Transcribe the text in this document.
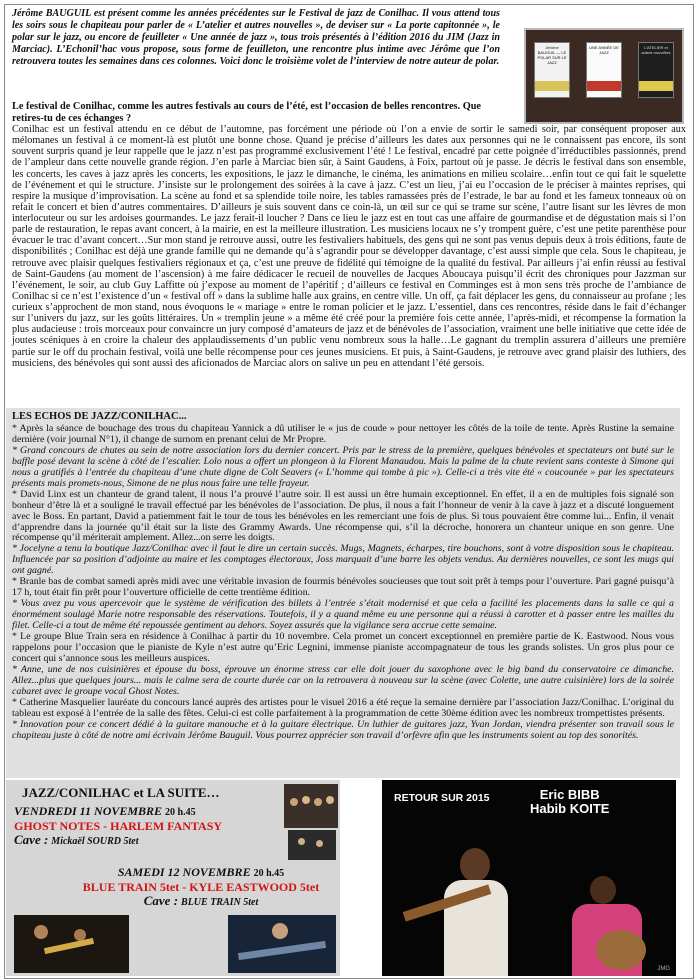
Jérôme BAUGUIL est présent comme les années précédentes sur le Festival de jazz de Conilhac. Il vous attend tous les soirs sous le chapiteau pour parler de « L’atelier et autres nouvelles », de deviser sur « La porte capitonnée », le polar sur le jazz, ou encore de feuilleter « Une année de jazz », tous trois présentés à l’édition 2016 du JIM (Jazz in Marciac). L’Echonil’hac vous propose, sous forme de feuilleton, une rencontre plus intime avec Jérôme que l’on retrouvera toutes les semaines dans ces colonnes. Voici donc le troisième volet de l’interview de notre auteur de polar.
Jérôme BAUGUIL — LE POLAR SUR LE JAZZ
UNE ANNÉE DE JAZZ
L’ATELIER et autres nouvelles
Le festival de Conilhac, comme les autres festivals au cours de l’été, est l’occasion de belles rencontres. Que retires-tu de ces échanges ?
Conilhac est un festival attendu en ce début de l’automne, pas forcément une période où l’on a envie de sortir le samedi soir, par conséquent proposer aux mélomanes un festival à ce moment-là est plutôt une bonne chose. Quand je précise d’ailleurs les dates aux personnes qui ne le connaissent pas encore, ils sont souvent surpris quand je leur rappelle que le jazz n’est pas programmé exclusivement l’été ! Le festival, encadré par cette poignée d’irréductibles passionnés, prend de l’ampleur dans cette nouvelle grande région. J’en parle à Marciac bien sûr, à Saint Gaudens, à Foix, partout où je passe. Je décris le festival dans son ensemble, les concerts, les caves à jazz après les concerts, les expositions, le jazz le dimanche, le cinéma, les animations en milieu scolaire…enfin tout ce qui fait le squelette de l’événement et qui le structure. J’insiste sur le prolongement des soirées à la cave à jazz. C’est un lieu, j’ai eu l’occasion de le préciser à maintes reprises, qui respire la musique d’improvisation. La scène au fond et sa splendide toile noire, les tables ramassées près de l’estrade, le bar au fond et les fameux tonneaux où on refait le concert et bien d’autres commentaires. D’ailleurs je suis souvent dans ce coin-là, un œil sur ce qui se trame sur scène, l’autre lisant sur les lèvres de mon interlocuteur ou sur les ardoises gourmandes. Le jazz ferait-il loucher ? Dans ce lieu le jazz est en tout cas une affaire de gourmandise et de dégustation mais si l’on parle de restauration, le repas avant concert, à la mairie, en est la meilleure illustration. Les musiciens locaux ne s’y trompent guère, c’est une petite parenthèse pour évacuer le trac d’avant concert…Sur mon stand je retrouve aussi, outre les festivaliers habituels, des gens qui ne sont pas venus depuis deux à trois éditions, faute de disponibilités ; Conilhac est déjà une grande famille qui ne demande qu’à s’agrandir pour se développer davantage, c’est aussi simple que cela. Sous le chapiteau, je retrouve avec plaisir quelques festivaliers régionaux et ça, c’est une preuve de fidélité qui témoigne de la qualité du festival. Par ailleurs j’ai enfin réussi au festival de Saint-Gaudens (au moment de l’ascension) à me faire dédicacer le recueil de nouvelles de Jacques Aboucaya puisqu’il écrit des chroniques pour Jazzman sur l’événement, le soir, au club Guy Laffitte où j’expose au moment de l’apéritif ; d’ailleurs ce festival en Comminges est à mon sens très proche de l’ambiance de Conilhac si ce n’est l’existence d’un « festival off » dans la sublime halle aux grains, en centre ville. Un off, ça fait déplacer les gens, du connaisseur au profane ; les curieux s’approchent de mon stand, nous évoquons le « mariage » entre le roman policier et le jazz. L’essentiel, dans ces rencontres, réside dans le fait d’échanger sur l’univers du jazz, sur les goûts littéraires. Un « tremplin jeune » a même été créé pour la première fois cette année, l’après-midi, et récompense la formation la plus audacieuse : trois morceaux pour convaincre un jury composé d’amateurs de jazz et de bénévoles de l’association, vraiment une belle initiative que cette idée de joutes scéniques à en croire la chaleur des applaudissements d’un public venu nombreux sous la halle…Le gagnant du tremplin assurera d’ailleurs une première partie sur le off du prochain festival, voilà une belle récompense pour ces jeunes musiciens. Et puis, à Saint-Gaudens, je retrouve avec grand plaisir des luthiers, des musiciens, des bénévoles qui sont aussi des aficionados de Marciac alors on salive un peu en attendant l’été gersois.
LES ECHOS DE JAZZ/CONILHAC...

* Après la séance de bouchage des trous du chapiteau Yannick a dû utiliser le « jus de coude » pour nettoyer les côtés de la toile de tente. Après Rustine la semaine dernière (voir journal N°1), il change de surnom en prenant celui de Mr Propre.

* Grand concours de chutes au sein de notre association lors du dernier concert. Pris par le stress de la première, quelques bénévoles et spectateurs ont buté sur le baffle posé devant la scène à côté de l’escalier. Lolo nous a offert un plongeon à la Florent Manaudou. Mais la palme de la chute revient sans conteste à Simone qui nous a gratifiés à l’entrée du chapiteau d’une chute digne de Colt Seavers (« L’homme qui tombe à pic »). Celle-ci a très vite été « coucounée » par les spectateurs présents mais promets-nous, Simone de ne plus nous faire une telle frayeur.

* David Linx est un chanteur de grand talent, il nous l’a prouvé l’autre soir. Il est aussi un être humain exceptionnel. En effet, il a en de multiples fois signalé son bonheur d’être là et a souligné le travail effectué par les bénévoles de l’association. De plus, il nous a fait l’honneur de venir à la cave à jazz et a discuté longuement avec le Boss. En partant, David a patiemment fait le tour de tous les bénévoles en les remerciant une fois de plus. Si tous pouvaient être comme lui... Enfin, il venait d’apprendre dans la journée qu’il était sur la liste des Grammy Awards. Une récompense qui, s’il la décroche, honorera un chanteur unique en son genre. Une récompense qu’il mériterait amplement. Allez...on serre les doigts.

* Jocelyne a tenu la boutique Jazz/Conilhac avec il faut le dire un certain succès. Mugs, Magnets, écharpes, tire bouchons, sont à votre disposition sous le chapiteau. Influencée par sa position d’adjointe au maire et les comptages électoraux, Joss marquait d’une barre les objets vendus. Au dernières nouvelles, ce sont les mugs qui ont gagné.

* Branle bas de combat samedi après midi avec une véritable invasion de fourmis bénévoles soucieuses que tout soit prêt à temps pour l’ouverture. Pari gagné puisqu’à 17 h, tout était fin prêt pour l’ouverture officielle de cette trentième édition.

* Vous avez pu vous apercevoir que le système de vérification des billets à l’entrée s’était modernisé et que cela a facilité les placements dans la salle ce qui a énormément soulagé Marie notre responsable des réservations. Toutefois, il y a quand même eu une personne qui a réussi à carotter et à passer entre les mailles du filet. Celle-ci a tout de même été repoussée gentiment au dehors. Soyez assurés que la vigilance sera accrue cette semaine.

* Le groupe Blue Train sera en résidence à Conilhac à partir du 10 novembre. Cela promet un concert exceptionnel en première partie de K. Eastwood. Nous vous rappelons pour l’occasion que le pianiste de Kyle n’est autre qu’Eric Legnini, immense pianiste accompagnateur de tous les grands solistes. Un gros plus pour ce concert qui s’annonce sous les meilleurs auspices.

* Anne, une de nos cuisinières et épouse du boss, éprouve un énorme stress car elle doit jouer du saxophone avec le big band du conservatoire ce dimanche. Allez...plus que quelques jours... mais le calme sera de courte durée car on la retrouvera à nouveau sur la scène (avec Colette, une autre cuisinière) lors de la soirée cabaret avec le groupe vocal Ghost Notes.

* Catherine Masquelier lauréate du concours lancé auprès des artistes pour le visuel 2016 a été reçue la semaine dernière par l’association Jazz/Conilhac. L’original du tableau est exposé à l’entrée de la salle des fêtes. Celui-ci est colle parfaitement à la programmation de cette 30ème édition avec les nombreux trompettistes présents.

* Innovation pour ce concert dédié à la guitare manouche et à la guitare électrique. Un luthier de guitares jazz, Yvan Jordan, viendra présenter son travail sous le chapiteau juste à côté de notre ami écrivain Jérôme Bauguil. Vous pourrez apprécier son travail d’orfèvre afin que les instruments soient au top des sonorités.

JAZZ/CONILHAC et LA SUITE…
VENDREDI 11 NOVEMBRE 20 h.45
GHOST NOTES - HARLEM FANTASY
Cave : Mickaël SOURD 5tet
SAMEDI 12 NOVEMBRE 20 h.45
BLUE TRAIN 5tet - KYLE EASTWOOD 5tet
Cave : BLUE TRAIN 5tet
RETOUR SUR 2015	Eric BIBB
Habib KOITE
JMG
